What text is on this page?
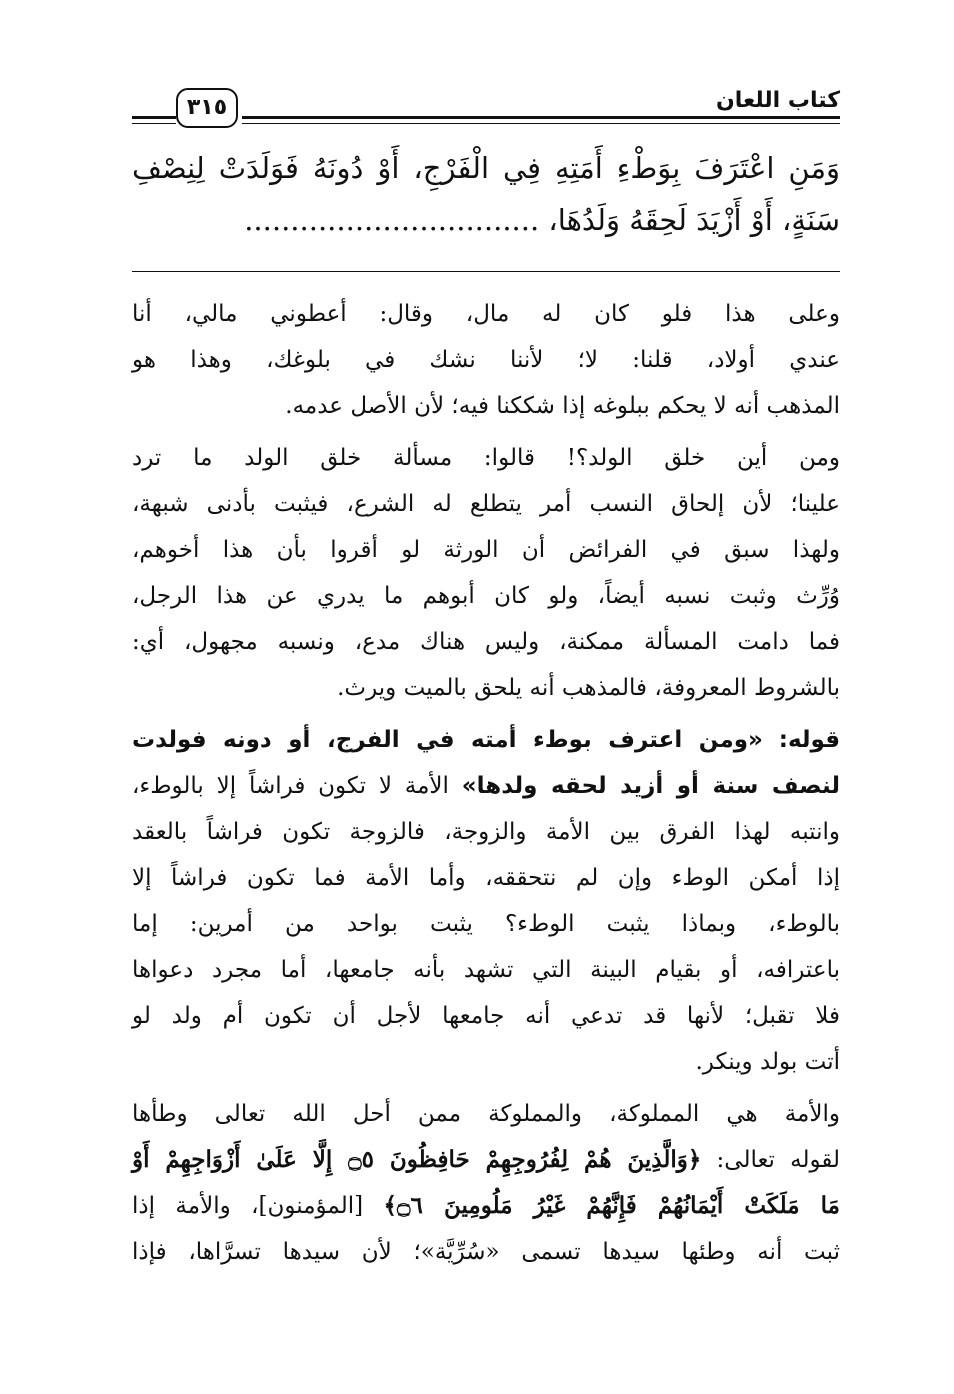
كتاب اللعان
٣١٥
وَمَنِ اعْتَرَفَ بِوَطْءِ أَمَتِهِ فِي الْفَرْجِ، أَوْ دُونَهُ فَوَلَدَتْ لِنِصْفِ
سَنَةٍ، أَوْ أَزْيَدَ لَحِقَهُ وَلَدُهَا، ................................
وعلى هذا فلو كان له مال، وقال: أعطوني مالي، أنا
عندي أولاد، قلنا: لا؛ لأننا نشك في بلوغك، وهذا هو
المذهب أنه لا يحكم ببلوغه إذا شككنا فيه؛ لأن الأصل عدمه.
ومن أين خلق الولد؟! قالوا: مسألة خلق الولد ما ترد
علينا؛ لأن إلحاق النسب أمر يتطلع له الشرع، فيثبت بأدنى شبهة،
ولهذا سبق في الفرائض أن الورثة لو أقروا بأن هذا أخوهم،
وُرِّث وثبت نسبه أيضاً، ولو كان أبوهم ما يدري عن هذا الرجل،
فما دامت المسألة ممكنة، وليس هناك مدع، ونسبه مجهول، أي:
بالشروط المعروفة، فالمذهب أنه يلحق بالميت ويرث.
قوله: «ومن اعترف بوطء أمته في الفرج، أو دونه فولدت
لنصف سنة أو أزيد لحقه ولدها» الأمة لا تكون فراشاً إلا بالوطء،
وانتبه لهذا الفرق بين الأمة والزوجة، فالزوجة تكون فراشاً بالعقد
إذا أمكن الوطء وإن لم نتحققه، وأما الأمة فما تكون فراشاً إلا
بالوطء، وبماذا يثبت الوطء؟ يثبت بواحد من أمرين: إما
باعترافه، أو بقيام البينة التي تشهد بأنه جامعها، أما مجرد دعواها
فلا تقبل؛ لأنها قد تدعي أنه جامعها لأجل أن تكون أم ولد لو
أتت بولد وينكر.
والأمة هي المملوكة، والمملوكة ممن أحل الله تعالى وطأها
لقوله تعالى: ﴿وَالَّذِينَ هُمْ لِفُرُوجِهِمْ حَافِظُونَ ۝٥ إِلَّا عَلَىٰ أَزْوَاجِهِمْ أَوْ
مَا مَلَكَتْ أَيْمَانُهُمْ فَإِنَّهُمْ غَيْرُ مَلُومِينَ ۝٦﴾ [المؤمنون]، والأمة إذا
ثبت أنه وطئها سيدها تسمى «سُرِّيَّة»؛ لأن سيدها تسرَّاها، فإذا
